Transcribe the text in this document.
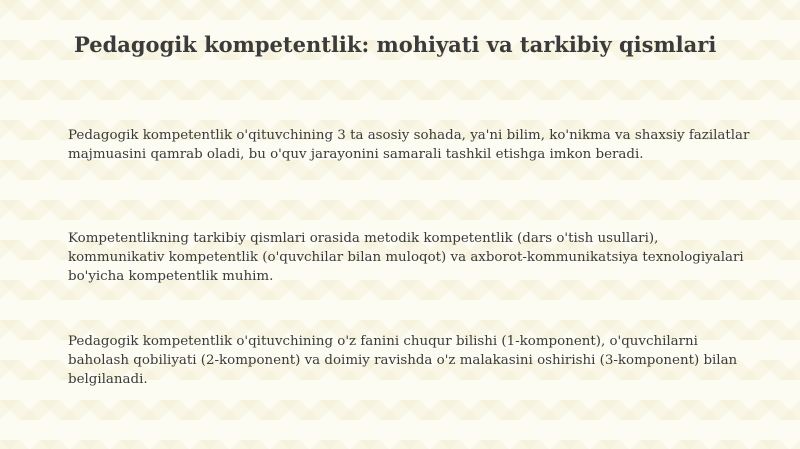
Pedagogik kompetentlik: mohiyati va tarkibiy qismlari

Pedagogik kompetentlik o'qituvchining 3 ta asosiy sohada, ya'ni bilim, ko'nikma va shaxsiy fazilatlar majmuasini qamrab oladi, bu o'quv jarayonini samarali tashkil etishga imkon beradi.

Kompetentlikning tarkibiy qismlari orasida metodik kompetentlik (dars o'tish usullari), kommunikativ kompetentlik (o'quvchilar bilan muloqot) va axborot-kommunikatsiya texnologiyalari bo'yicha kompetentlik muhim.

Pedagogik kompetentlik o'qituvchining o'z fanini chuqur bilishi (1-komponent), o'quvchilarni baholash qobiliyati (2-komponent) va doimiy ravishda o'z malakasini oshirishi (3-komponent) bilan belgilanadi.
